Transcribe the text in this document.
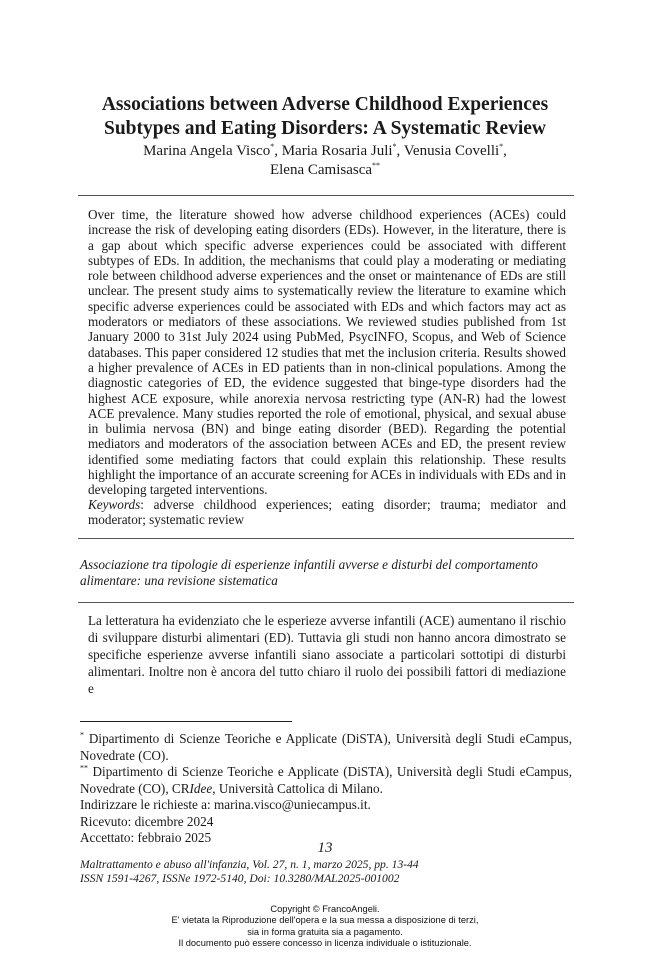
Associations between Adverse Childhood Experiences
Subtypes and Eating Disorders: A Systematic Review
Marina Angela Visco*, Maria Rosaria Juli*, Venusia Covelli*,
Elena Camisasca**

Over time, the literature showed how adverse childhood experiences (ACEs) could increase the risk of developing eating disorders (EDs). However, in the literature, there is a gap about which specific adverse experiences could be associated with different subtypes of EDs. In addition, the mechanisms that could play a moderating or mediating role between childhood adverse experiences and the onset or maintenance of EDs are still unclear. The present study aims to systematically review the literature to examine which specific adverse experiences could be associated with EDs and which factors may act as moderators or mediators of these associations. We reviewed studies published from 1st January 2000 to 31st July 2024 using PubMed, PsycINFO, Scopus, and Web of Science databases. This paper considered 12 studies that met the inclusion criteria. Results showed a higher prevalence of ACEs in ED patients than in non-clinical populations. Among the diagnostic categories of ED, the evidence suggested that binge-type disorders had the highest ACE exposure, while anorexia nervosa restricting type (AN-R) had the lowest ACE prevalence. Many studies reported the role of emotional, physical, and sexual abuse in bulimia nervosa (BN) and binge eating disorder (BED). Regarding the potential mediators and moderators of the association between ACEs and ED, the present review identified some mediating factors that could explain this relationship. These results highlight the importance of an accurate screening for ACEs in individuals with EDs and in developing targeted interventions.

Keywords: adverse childhood experiences; eating disorder; trauma; mediator and moderator; systematic review

Associazione tra tipologie di esperienze infantili avverse e disturbi del comportamento alimentare: una revisione sistematica

La letteratura ha evidenziato che le esperieze avverse infantili (ACE) aumentano il rischio di sviluppare disturbi alimentari (ED). Tuttavia gli studi non hanno ancora dimostrato se specifiche esperienze avverse infantili siano associate a particolari sottotipi di disturbi alimentari. Inoltre non è ancora del tutto chiaro il ruolo dei possibili fattori di mediazione e

* Dipartimento di Scienze Teoriche e Applicate (DiSTA), Università degli Studi eCampus, Novedrate (CO).

** Dipartimento di Scienze Teoriche e Applicate (DiSTA), Università degli Studi eCampus, Novedrate (CO), CRIdee, Università Cattolica di Milano.

Indirizzare le richieste a: marina.visco@uniecampus.it.

Ricevuto: dicembre 2024

Accettato: febbraio 2025

13
Maltrattamento e abuso all'infanzia, Vol. 27, n. 1, marzo 2025, pp. 13-44
ISSN 1591-4267, ISSNe 1972-5140, Doi: 10.3280/MAL2025-001002
Copyright © FrancoAngeli.
E' vietata la Riproduzione dell'opera e la sua messa a disposizione di terzi,
sia in forma gratuita sia a pagamento.
Il documento può essere concesso in licenza individuale o istituzionale.
